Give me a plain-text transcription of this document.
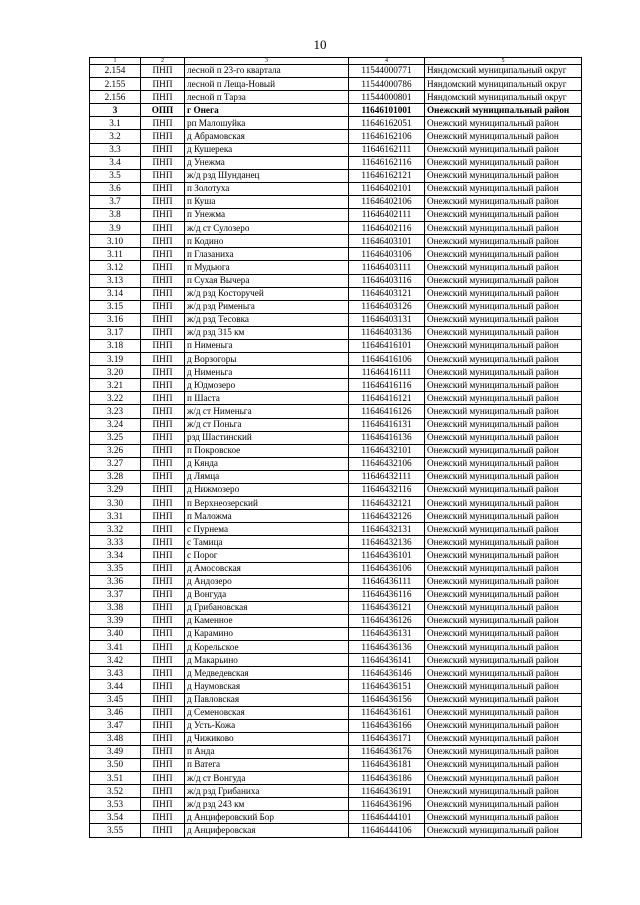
10
1	2	3	4	5
2.154	ПНП	лесной п 23-го квартала	11544000771	Няндомский муниципальный округ
2.155	ПНП	лесной п Лещa-Новый	11544000786	Няндомский муниципальный округ
2.156	ПНП	лесной п Тарза	11544000801	Няндомский муниципальный округ
3	ОПП	г Онега	11646101001	Онежский муниципальный район
3.1	ПНП	рп Малошуйка	11646162051	Онежский муниципальный район
3.2	ПНП	д Абрамовская	11646162106	Онежский муниципальный район
3.3	ПНП	д Кушерека	11646162111	Онежский муниципальный район
3.4	ПНП	д Унежма	11646162116	Онежский муниципальный район
3.5	ПНП	ж/д рзд Шунданец	11646162121	Онежский муниципальный район
3.6	ПНП	п Золотуха	11646402101	Онежский муниципальный район
3.7	ПНП	п Куша	11646402106	Онежский муниципальный район
3.8	ПНП	п Унежма	11646402111	Онежский муниципальный район
3.9	ПНП	ж/д ст Сулозеро	11646402116	Онежский муниципальный район
3.10	ПНП	п Кодино	11646403101	Онежский муниципальный район
3.11	ПНП	п Глазаниха	11646403106	Онежский муниципальный район
3.12	ПНП	п Мудьюга	11646403111	Онежский муниципальный район
3.13	ПНП	п Сухая Вычера	11646403116	Онежский муниципальный район
3.14	ПНП	ж/д рзд Косторучей	11646403121	Онежский муниципальный район
3.15	ПНП	ж/д рзд Рименьга	11646403126	Онежский муниципальный район
3.16	ПНП	ж/д рзд Тесовка	11646403131	Онежский муниципальный район
3.17	ПНП	ж/д рзд 315 км	11646403136	Онежский муниципальный район
3.18	ПНП	п Нименьга	11646416101	Онежский муниципальный район
3.19	ПНП	д Ворзогоры	11646416106	Онежский муниципальный район
3.20	ПНП	д Нименьга	11646416111	Онежский муниципальный район
3.21	ПНП	д Юдмозеро	11646416116	Онежский муниципальный район
3.22	ПНП	п Шаста	11646416121	Онежский муниципальный район
3.23	ПНП	ж/д ст Нименьга	11646416126	Онежский муниципальный район
3.24	ПНП	ж/д ст Поньга	11646416131	Онежский муниципальный район
3.25	ПНП	рзд Шастинский	11646416136	Онежский муниципальный район
3.26	ПНП	п Покровское	11646432101	Онежский муниципальный район
3.27	ПНП	д Кянда	11646432106	Онежский муниципальный район
3.28	ПНП	д Лямца	11646432111	Онежский муниципальный район
3.29	ПНП	д Нижмозеро	11646432116	Онежский муниципальный район
3.30	ПНП	п Верхнеозерский	11646432121	Онежский муниципальный район
3.31	ПНП	п Маложма	11646432126	Онежский муниципальный район
3.32	ПНП	с Пурнема	11646432131	Онежский муниципальный район
3.33	ПНП	с Тамица	11646432136	Онежский муниципальный район
3.34	ПНП	с Порог	11646436101	Онежский муниципальный район
3.35	ПНП	д Амосовская	11646436106	Онежский муниципальный район
3.36	ПНП	д Андозеро	11646436111	Онежский муниципальный район
3.37	ПНП	д Вонгуда	11646436116	Онежский муниципальный район
3.38	ПНП	д Грибановская	11646436121	Онежский муниципальный район
3.39	ПНП	д Каменное	11646436126	Онежский муниципальный район
3.40	ПНП	д Карамино	11646436131	Онежский муниципальный район
3.41	ПНП	д Корельское	11646436136	Онежский муниципальный район
3.42	ПНП	д Макарьино	11646436141	Онежский муниципальный район
3.43	ПНП	д Медведевская	11646436146	Онежский муниципальный район
3.44	ПНП	д Наумовская	11646436151	Онежский муниципальный район
3.45	ПНП	д Павловская	11646436156	Онежский муниципальный район
3.46	ПНП	д Семеновская	11646436161	Онежский муниципальный район
3.47	ПНП	д Усть-Кожа	11646436166	Онежский муниципальный район
3.48	ПНП	д Чижиково	11646436171	Онежский муниципальный район
3.49	ПНП	п Анда	11646436176	Онежский муниципальный район
3.50	ПНП	п Ватега	11646436181	Онежский муниципальный район
3.51	ПНП	ж/д ст Вонгуда	11646436186	Онежский муниципальный район
3.52	ПНП	ж/д рзд Грибаниха	11646436191	Онежский муниципальный район
3.53	ПНП	ж/д рзд 243 км	11646436196	Онежский муниципальный район
3.54	ПНП	д Анциферовский Бор	11646444101	Онежский муниципальный район
3.55	ПНП	д Анциферовская	11646444106	Онежский муниципальный район
